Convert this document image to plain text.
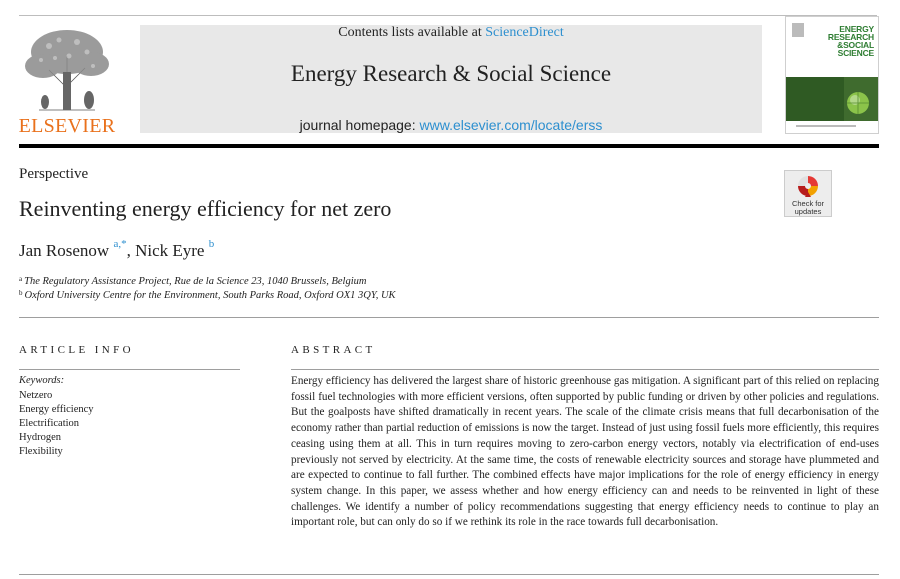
ELSEVIER
Contents lists available at ScienceDirect
Energy Research & Social Science
journal homepage: www.elsevier.com/locate/erss
ENERGY
RESEARCH
&SOCIAL
SCIENCE
Perspective
Reinventing energy efficiency for net zero	Check for updates
Jan Rosenow $^{a,*}$, Nick Eyre $^b$
$^a$ The Regulatory Assistance Project, Rue de la Science 23, 1040 Brussels, Belgium
$^b$ Oxford University Centre for the Environment, South Parks Road, Oxford OX1 3QY, UK
ARTICLE INFO	ABSTRACT
Keywords:
Netzero
Energy efficiency
Electrification
Hydrogen
Flexibility

Energy efficiency has delivered the largest share of historic greenhouse gas mitigation. A significant part of this relied on replacing fossil fuel technologies with more efficient versions, often supported by public funding or driven by other policies and regulations. But the goalposts have shifted dramatically in recent years. The scale of the climate crisis means that full decarbonisation of the economy rather than partial reduction of emissions is now the target. Instead of just using fossil fuels more efficiently, this requires ceasing using them at all. This in turn requires moving to zero-carbon energy vectors, notably via electrification of end-uses previously not served by electricity. At the same time, the costs of renewable electricity sources and storage have plummeted and are expected to continue to fall further. The combined effects have major implications for the role of energy efficiency in energy system change. In this paper, we assess whether and how energy efficiency can and needs to be reinvented in light of these challenges. We identify a number of policy recommendations suggesting that energy efficiency needs to continue to play an important role, but can only do so if we rethink its role in the race towards full decarbonisation.
